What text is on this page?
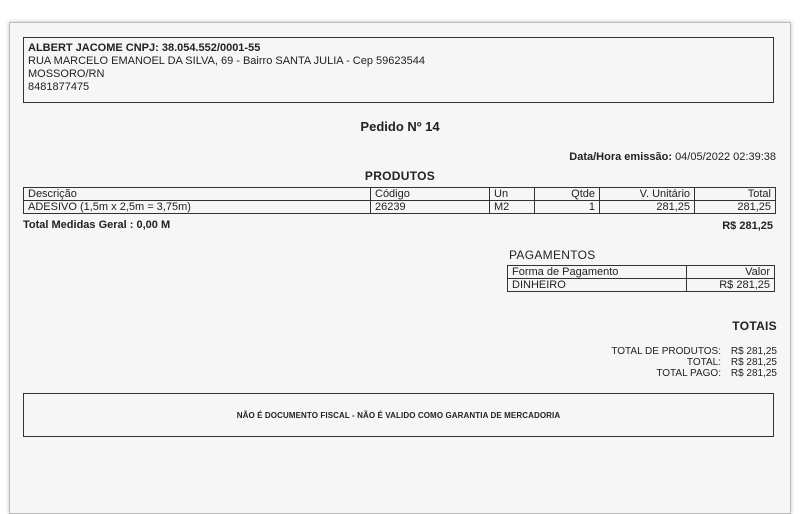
ALBERT JACOME CNPJ: 38.054.552/0001-55
RUA MARCELO EMANOEL DA SILVA, 69 - Bairro SANTA JULIA - Cep 59623544
MOSSORO/RN
8481877475
Pedido Nº 14
Data/Hora emissão: 04/05/2022 02:39:38
PRODUTOS
Descrição	Código	Un	Qtde	V. Unitário	Total
ADESIVO (1,5m x 2,5m = 3,75m)	26239	M2	1	281,25	281,25
Total Medidas Geral : 0,00 M	R$ 281,25
PAGAMENTOS
Forma de Pagamento	Valor
DINHEIRO	R$ 281,25
TOTAIS
TOTAL DE PRODUTOS: R$ 281,25
TOTAL: R$ 281,25
TOTAL PAGO: R$ 281,25
NÃO É DOCUMENTO FISCAL - NÃO É VALIDO COMO GARANTIA DE MERCADORIA
